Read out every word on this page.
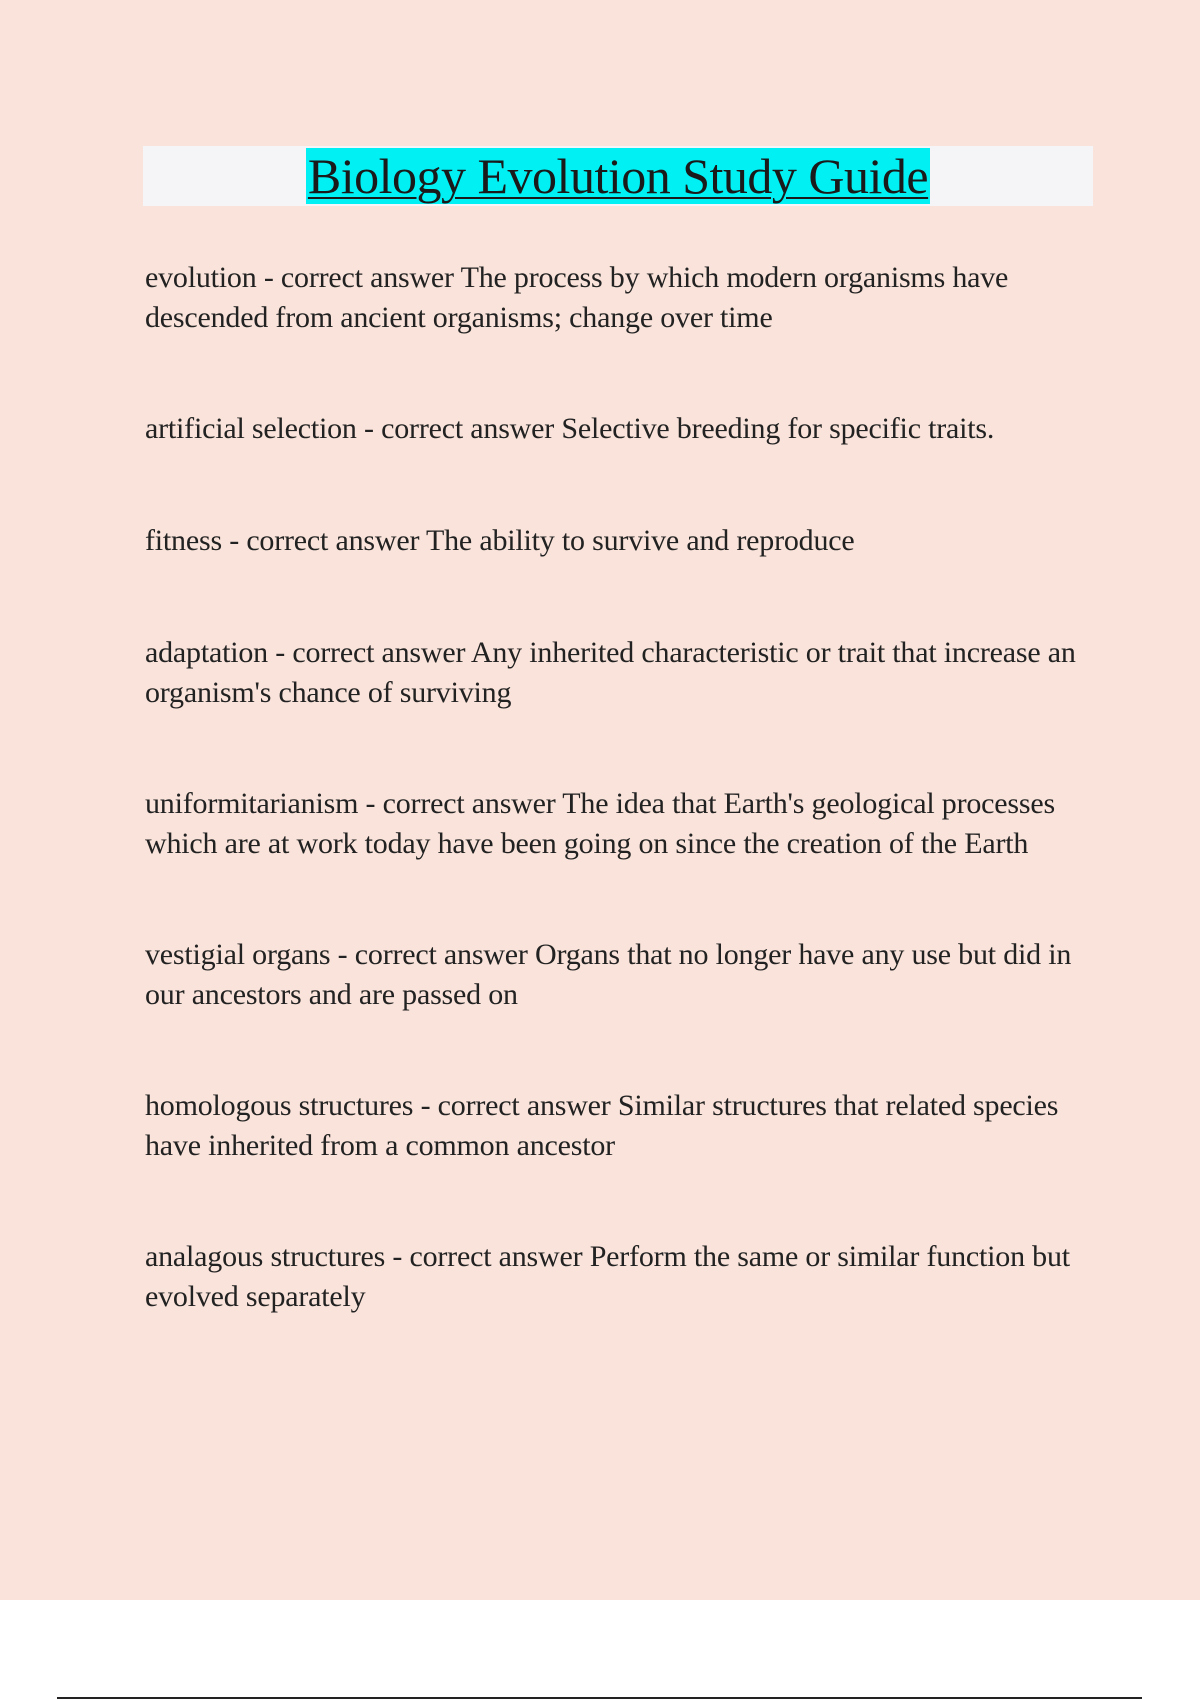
Biology Evolution Study Guide

evolution - correct answer The process by which modern organisms have descended from ancient organisms; change over time

artificial selection - correct answer Selective breeding for specific traits.

fitness - correct answer The ability to survive and reproduce

adaptation - correct answer Any inherited characteristic or trait that increase an organism's chance of surviving

uniformitarianism - correct answer The idea that Earth's geological processes which are at work today have been going on since the creation of the Earth

vestigial organs - correct answer Organs that no longer have any use but did in our ancestors and are passed on

homologous structures - correct answer Similar structures that related species have inherited from a common ancestor

analagous structures - correct answer Perform the same or similar function but evolved separately
